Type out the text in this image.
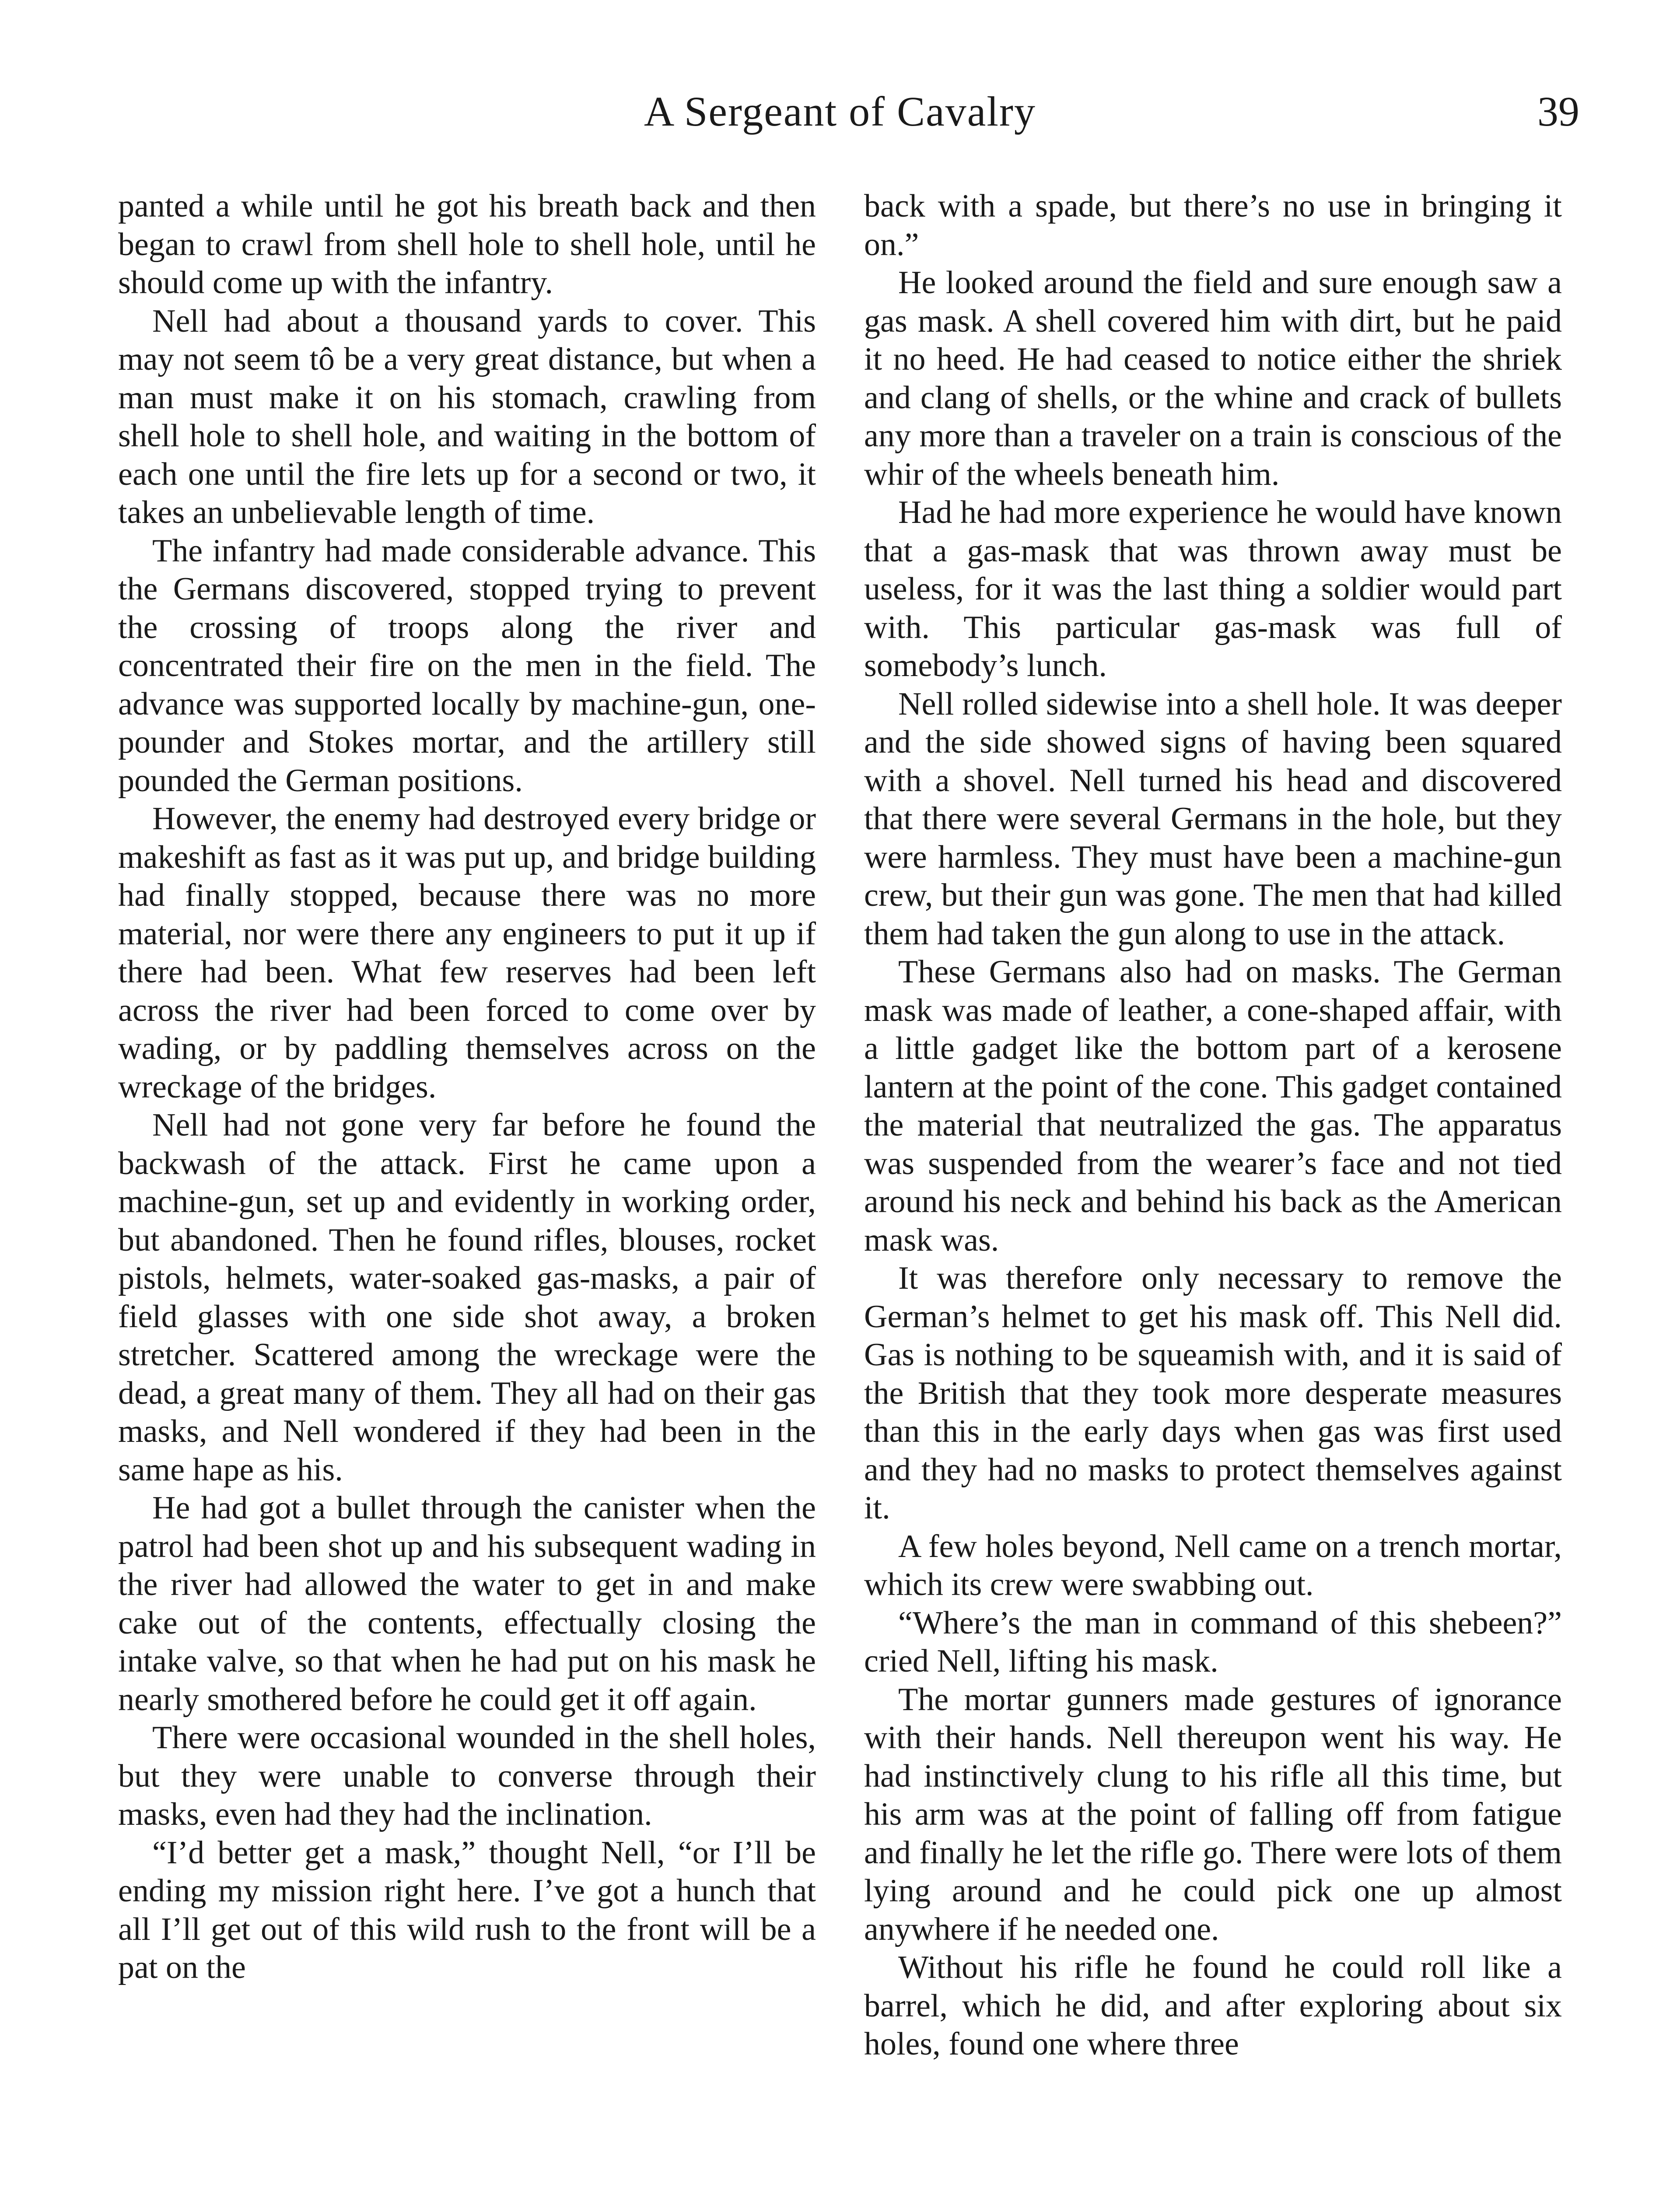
A Sergeant of Cavalry	39

panted a while until he got his breath back and then began to crawl from shell hole to shell hole, until he should come up with the infantry.

Nell had about a thousand yards to cover. This may not seem tô be a very great distance, but when a man must make it on his stomach, crawling from shell hole to shell hole, and waiting in the bottom of each one until the fire lets up for a second or two, it takes an unbelievable length of time.

The infantry had made considerable advance. This the Germans discovered, stopped trying to prevent the crossing of troops along the river and concentrated their fire on the men in the field. The advance was supported locally by machine-gun, one-pounder and Stokes mortar, and the artillery still pounded the German positions.

However, the enemy had destroyed every bridge or makeshift as fast as it was put up, and bridge building had finally stopped, because there was no more material, nor were there any engineers to put it up if there had been. What few reserves had been left across the river had been forced to come over by wading, or by paddling themselves across on the wreckage of the bridges.

Nell had not gone very far before he found the backwash of the attack. First he came upon a machine-gun, set up and evidently in working order, but abandoned. Then he found rifles, blouses, rocket pistols, helmets, water-soaked gas-masks, a pair of field glasses with one side shot away, a broken stretcher. Scattered among the wreckage were the dead, a great many of them. They all had on their gas masks, and Nell wondered if they had been in the same hape as his.

He had got a bullet through the canister when the patrol had been shot up and his subsequent wading in the river had allowed the water to get in and make cake out of the contents, effectually closing the intake valve, so that when he had put on his mask he nearly smothered before he could get it off again.

There were occasional wounded in the shell holes, but they were unable to converse through their masks, even had they had the inclination.

“I’d better get a mask,” thought Nell, “or I’ll be ending my mission right here. I’ve got a hunch that all I’ll get out of this wild rush to the front will be a pat on the

back with a spade, but there’s no use in bringing it on.”

He looked around the field and sure enough saw a gas mask. A shell covered him with dirt, but he paid it no heed. He had ceased to notice either the shriek and clang of shells, or the whine and crack of bullets any more than a traveler on a train is conscious of the whir of the wheels beneath him.

Had he had more experience he would have known that a gas-mask that was thrown away must be useless, for it was the last thing a soldier would part with. This particular gas-mask was full of somebody’s lunch.

Nell rolled sidewise into a shell hole. It was deeper and the side showed signs of having been squared with a shovel. Nell turned his head and discovered that there were several Germans in the hole, but they were harmless. They must have been a machine-gun crew, but their gun was gone. The men that had killed them had taken the gun along to use in the attack.

These Germans also had on masks. The German mask was made of leather, a cone-shaped affair, with a little gadget like the bottom part of a kerosene lantern at the point of the cone. This gadget contained the material that neutralized the gas. The apparatus was suspended from the wearer’s face and not tied around his neck and behind his back as the American mask was.

It was therefore only necessary to remove the German’s helmet to get his mask off. This Nell did. Gas is nothing to be squeamish with, and it is said of the British that they took more desperate measures than this in the early days when gas was first used and they had no masks to protect themselves against it.

A few holes beyond, Nell came on a trench mortar, which its crew were swabbing out.

“Where’s the man in command of this shebeen?” cried Nell, lifting his mask.

The mortar gunners made gestures of ignorance with their hands. Nell thereupon went his way. He had instinctively clung to his rifle all this time, but his arm was at the point of falling off from fatigue and finally he let the rifle go. There were lots of them lying around and he could pick one up almost anywhere if he needed one.

Without his rifle he found he could roll like a barrel, which he did, and after exploring about six holes, found one where three
